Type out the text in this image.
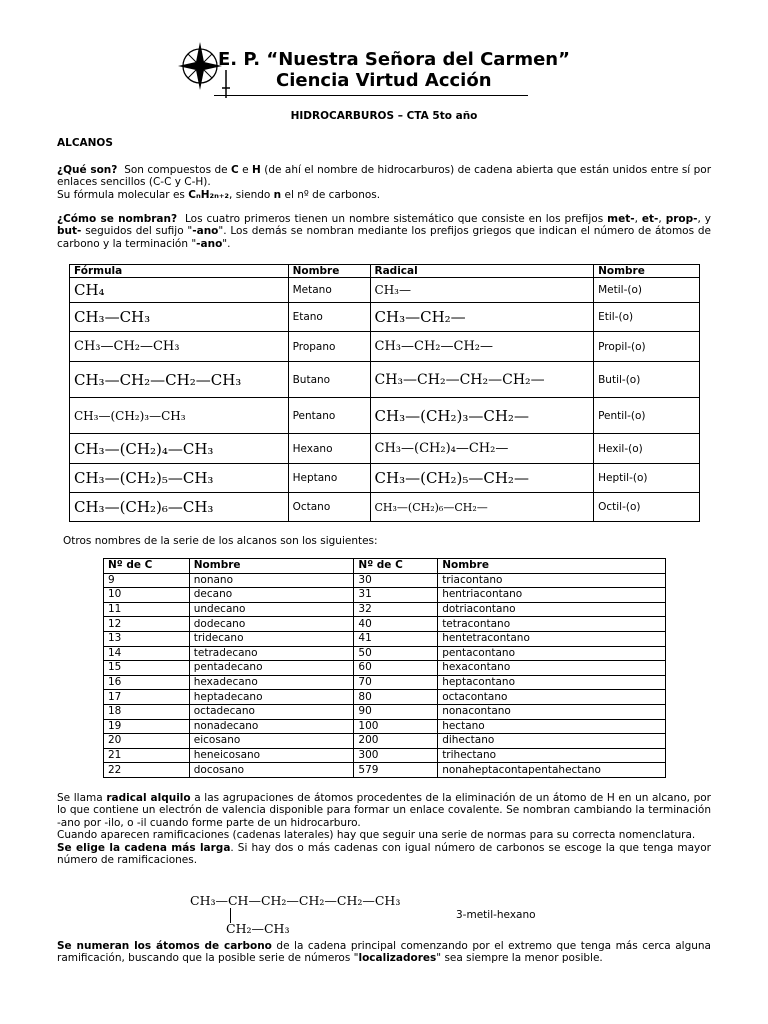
E. P. “Nuestra Señora del Carmen”
Ciencia Virtud Acción
HIDROCARBUROS – CTA 5to año
ALCANOS
¿Qué son? Son compuestos de C e H (de ahí el nombre de hidrocarburos) de cadena abierta que están unidos entre sí por enlaces sencillos (C-C y C-H).
Su fórmula molecular es CₙH₂ₙ₊₂, siendo n el nº de carbonos.
¿Cómo se nombran? Los cuatro primeros tienen un nombre sistemático que consiste en los prefijos met-, et-, prop-, y but- seguidos del sufijo "-ano". Los demás se nombran mediante los prefijos griegos que indican el número de átomos de carbono y la terminación "-ano".
Fórmula	Nombre	Radical	Nombre
CH₄	Metano	CH₃—	Metil-(o)
CH₃—CH₃	Etano	CH₃—CH₂—	Etil-(o)
CH₃—CH₂—CH₃	Propano	CH₃—CH₂—CH₂—	Propil-(o)
CH₃—CH₂—CH₂—CH₃	Butano	CH₃—CH₂—CH₂—CH₂—	Butil-(o)
CH₃—(CH₂)₃—CH₃	Pentano	CH₃—(CH₂)₃—CH₂—	Pentil-(o)
CH₃—(CH₂)₄—CH₃	Hexano	CH₃—(CH₂)₄—CH₂—	Hexil-(o)
CH₃—(CH₂)₅—CH₃	Heptano	CH₃—(CH₂)₅—CH₂—	Heptil-(o)
CH₃—(CH₂)₆—CH₃	Octano	CH₃—(CH₂)₆—CH₂—	Octil-(o)
Otros nombres de la serie de los alcanos son los siguientes:
Nº de C	Nombre	Nº de C	Nombre
9	nonano	30	triacontano
10	decano	31	hentriacontano
11	undecano	32	dotriacontano
12	dodecano	40	tetracontano
13	tridecano	41	hentetracontano
14	tetradecano	50	pentacontano
15	pentadecano	60	hexacontano
16	hexadecano	70	heptacontano
17	heptadecano	80	octacontano
18	octadecano	90	nonacontano
19	nonadecano	100	hectano
20	eicosano	200	dihectano
21	heneicosano	300	trihectano
22	docosano	579	nonaheptacontapentahectano
Se llama radical alquilo a las agrupaciones de átomos procedentes de la eliminación de un átomo de H en un alcano, por lo que contiene un electrón de valencia disponible para formar un enlace covalente. Se nombran cambiando la terminación -ano por -ilo, o -il cuando forme parte de un hidrocarburo.
Cuando aparecen ramificaciones (cadenas laterales) hay que seguir una serie de normas para su correcta nomenclatura.
Se elige la cadena más larga. Si hay dos o más cadenas con igual número de carbonos se escoge la que tenga mayor número de ramificaciones.
CH₃—CH—CH₂—CH₂—CH₂—CH₃
CH₂—CH₃
3-metil-hexano
Se numeran los átomos de carbono de la cadena principal comenzando por el extremo que tenga más cerca alguna ramificación, buscando que la posible serie de números "localizadores" sea siempre la menor posible.
